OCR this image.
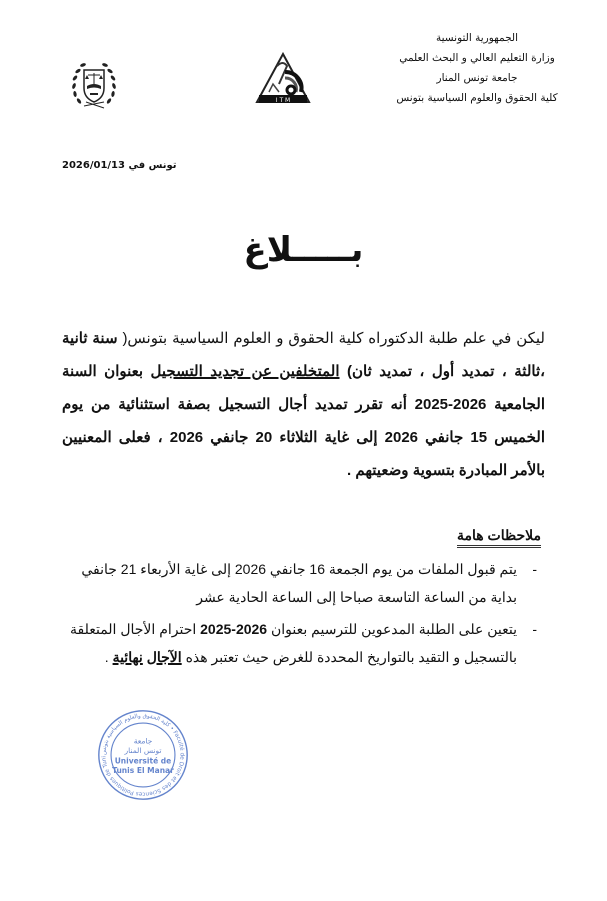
الجمهورية التونسية
وزارة التعليم العالي و البحث العلمي
جامعة تونس المنار
كلية الحقوق والعلوم السياسية بتونس
I T M
تونس في 2026/01/13
بـــــلاغ
ليكن في علم طلبة الدكتوراه كلية الحقوق و العلوم السياسية بتونس( سنة ثانية ،ثالثة ، تمديد أول ، تمديد ثان) المتخلفين عن تجديد التسجيل بعنوان السنة الجامعية 2025-2026 أنه تقرر تمديد أجال التسجيل بصفة استثنائية من يوم الخميس 15 جانفي 2026 إلى غاية الثلاثاء 20 جانفي 2026 ، فعلى المعنيين بالأمر المبادرة بتسوية وضعيتهم .
ملاحظات هامة
-
يتم قبول الملفات من يوم الجمعة 16 جانفي 2026 إلى غاية الأربعاء 21 جانفي بداية من الساعة التاسعة صباحا إلى الساعة الحادية عشر
-
يتعين على الطلبة المدعوين للترسيم بعنوان 2025-2026 احترام الأجال المتعلقة بالتسجيل و التقيد بالتواريخ المحددة للغرض حيث تعتبر هذه الآجال نهائية .
كلية الحقوق والعلوم السياسية بتونس • Faculté de Droit et des Sciences Politiques de Tuni
جامعة
تونس المنار
Université de
Tunis El Manar
